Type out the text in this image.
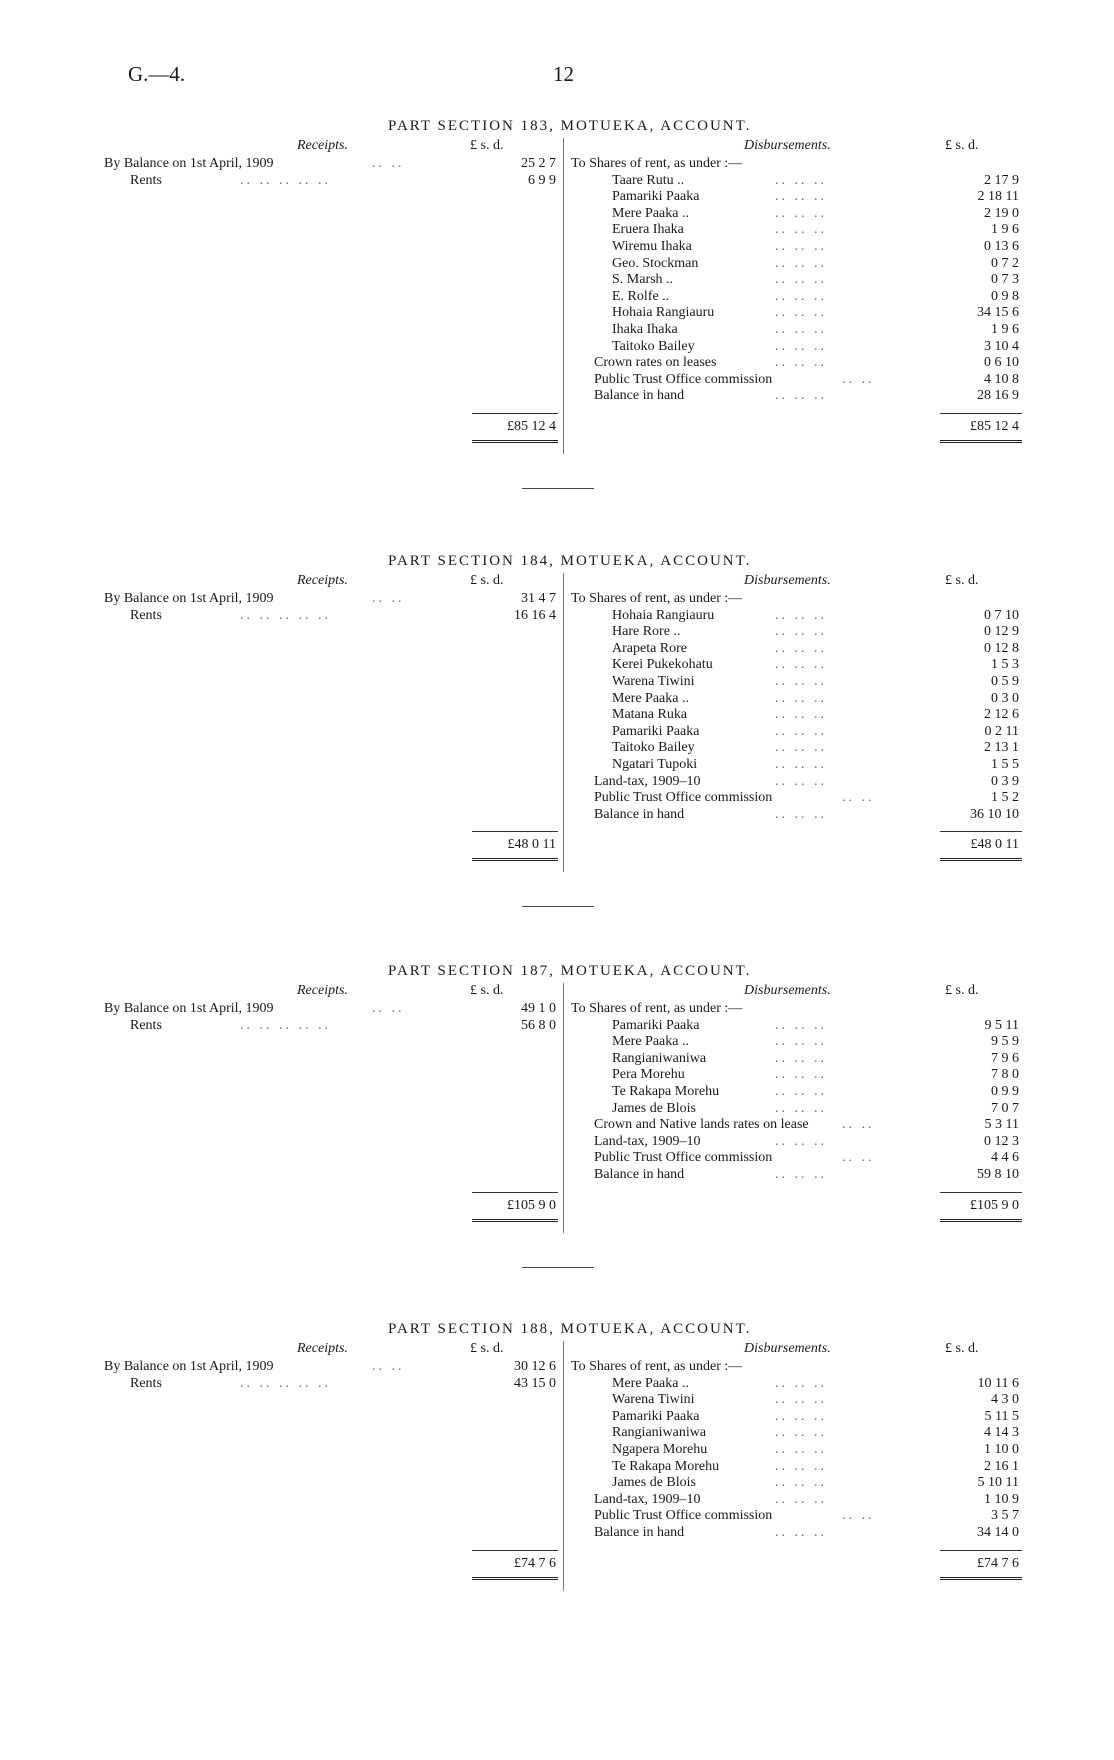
G.—4.	12
PART SECTION 183, MOTUEKA, ACCOUNT.
Receipts.	Disbursements.
£ s. d.	£ s. d.
By Balance on 1st April, 1909	.. ..	25 2 7
Rents	.. .. .. .. ..	6 9 9
To Shares of rent, as under :—
Taare Rutu ..	.. .. ..	2 17 9
Pamariki Paaka	.. .. ..	2 18 11
Mere Paaka ..	.. .. ..	2 19 0
Eruera Ihaka	.. .. ..	1 9 6
Wiremu Ihaka	.. .. ..	0 13 6
Geo. Stockman	.. .. ..	0 7 2
S. Marsh ..	.. .. ..	0 7 3
E. Rolfe ..	.. .. ..	0 9 8
Hohaia Rangiauru	.. .. ..	34 15 6
Ihaka Ihaka	.. .. ..	1 9 6
Taitoko Bailey	.. .. ..	3 10 4
Crown rates on leases	.. .. ..	0 6 10
Public Trust Office commission	.. ..	4 10 8
Balance in hand	.. .. ..	28 16 9
£85 12 4	£85 12 4
PART SECTION 184, MOTUEKA, ACCOUNT.
Receipts.	Disbursements.
£ s. d.	£ s. d.
By Balance on 1st April, 1909	.. ..	31 4 7
Rents	.. .. .. .. ..	16 16 4
To Shares of rent, as under :—
Hohaia Rangiauru	.. .. ..	0 7 10
Hare Rore ..	.. .. ..	0 12 9
Arapeta Rore	.. .. ..	0 12 8
Kerei Pukekohatu	.. .. ..	1 5 3
Warena Tiwini	.. .. ..	0 5 9
Mere Paaka ..	.. .. ..	0 3 0
Matana Ruka	.. .. ..	2 12 6
Pamariki Paaka	.. .. ..	0 2 11
Taitoko Bailey	.. .. ..	2 13 1
Ngatari Tupoki	.. .. ..	1 5 5
Land-tax, 1909–10	.. .. ..	0 3 9
Public Trust Office commission	.. ..	1 5 2
Balance in hand	.. .. ..	36 10 10
£48 0 11	£48 0 11
PART SECTION 187, MOTUEKA, ACCOUNT.
Receipts.	Disbursements.
£ s. d.	£ s. d.
By Balance on 1st April, 1909	.. ..	49 1 0
Rents	.. .. .. .. ..	56 8 0
To Shares of rent, as under :—
Pamariki Paaka	.. .. ..	9 5 11
Mere Paaka ..	.. .. ..	9 5 9
Rangianiwaniwa	.. .. ..	7 9 6
Pera Morehu	.. .. ..	7 8 0
Te Rakapa Morehu	.. .. ..	0 9 9
James de Blois	.. .. ..	7 0 7
Crown and Native lands rates on lease .. ..	5 3 11
Land-tax, 1909–10	.. .. ..	0 12 3
Public Trust Office commission	.. ..	4 4 6
Balance in hand	.. .. ..	59 8 10
£105 9 0	£105 9 0
PART SECTION 188, MOTUEKA, ACCOUNT.
Receipts.	Disbursements.
£ s. d.	£ s. d.
By Balance on 1st April, 1909	.. ..	30 12 6
Rents	.. .. .. .. ..	43 15 0
To Shares of rent, as under :—
Mere Paaka ..	.. .. ..	10 11 6
Warena Tiwini	.. .. ..	4 3 0
Pamariki Paaka	.. .. ..	5 11 5
Rangianiwaniwa	.. .. ..	4 14 3
Ngapera Morehu	.. .. ..	1 10 0
Te Rakapa Morehu	.. .. ..	2 16 1
James de Blois	.. .. ..	5 10 11
Land-tax, 1909–10	.. .. ..	1 10 9
Public Trust Office commission	.. ..	3 5 7
Balance in hand	.. .. ..	34 14 0
£74 7 6	£74 7 6
